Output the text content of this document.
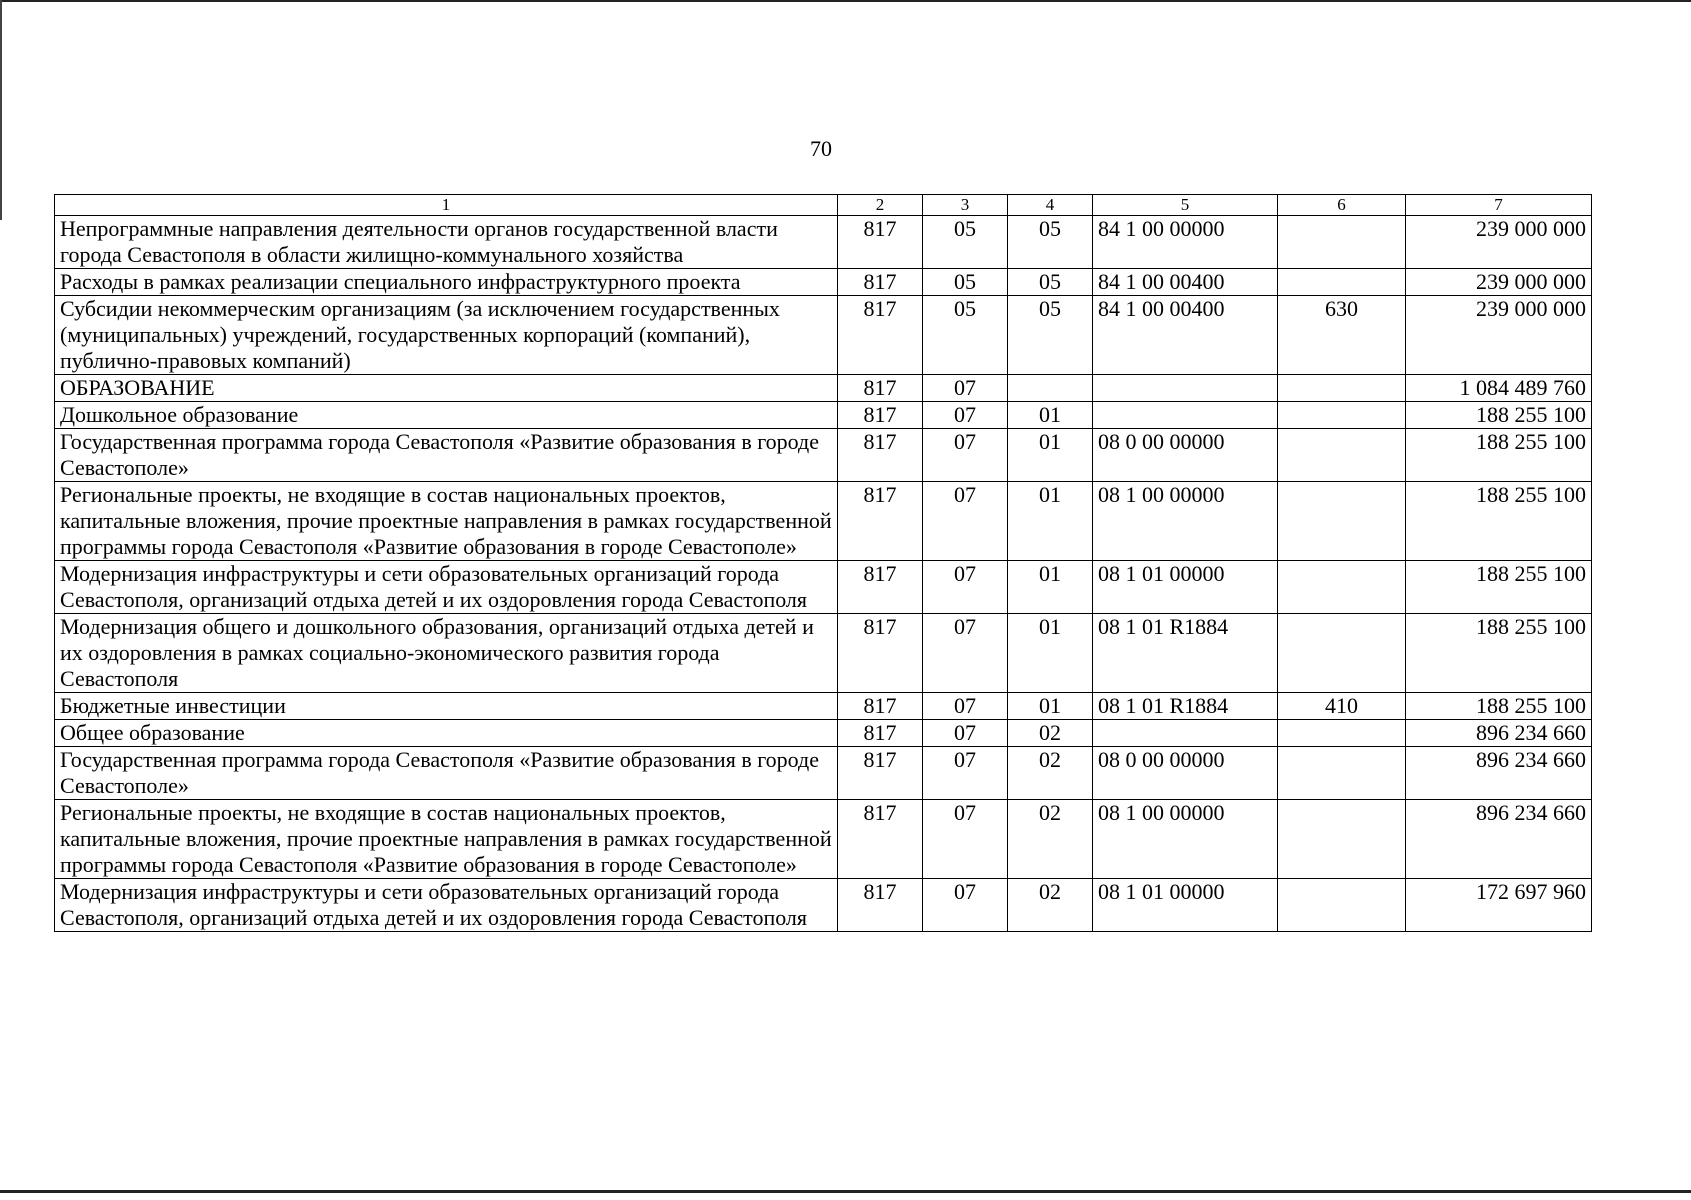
70
1	2	3	4	5	6	7
Непрограммные направления деятельности органов государственной власти города Севастополя в области жилищно-коммунального хозяйства	817	05	05	84 1 00 00000		239 000 000
Расходы в рамках реализации специального инфраструктурного проекта	817	05	05	84 1 00 00400		239 000 000
Субсидии некоммерческим организациям (за исключением государственных (муниципальных) учреждений, государственных корпораций (компаний), публично-правовых компаний)	817	05	05	84 1 00 00400	630	239 000 000
ОБРАЗОВАНИЕ	817	07				1 084 489 760
Дошкольное образование	817	07	01			188 255 100
Государственная программа города Севастополя «Развитие образования в городе Севастополе»	817	07	01	08 0 00 00000		188 255 100
Региональные проекты, не входящие в состав национальных проектов, капитальные вложения, прочие проектные направления в рамках государственной программы города Севастополя «Развитие образования в городе Севастополе»	817	07	01	08 1 00 00000		188 255 100
Модернизация инфраструктуры и сети образовательных организаций города Севастополя, организаций отдыха детей и их оздоровления города Севастополя	817	07	01	08 1 01 00000		188 255 100
Модернизация общего и дошкольного образования, организаций отдыха детей и их оздоровления в рамках социально-экономического развития города Севастополя	817	07	01	08 1 01 R1884		188 255 100
Бюджетные инвестиции	817	07	01	08 1 01 R1884	410	188 255 100
Общее образование	817	07	02			896 234 660
Государственная программа города Севастополя «Развитие образования в городе Севастополе»	817	07	02	08 0 00 00000		896 234 660
Региональные проекты, не входящие в состав национальных проектов, капитальные вложения, прочие проектные направления в рамках государственной программы города Севастополя «Развитие образования в городе Севастополе»	817	07	02	08 1 00 00000		896 234 660
Модернизация инфраструктуры и сети образовательных организаций города Севастополя, организаций отдыха детей и их оздоровления города Севастополя	817	07	02	08 1 01 00000		172 697 960
